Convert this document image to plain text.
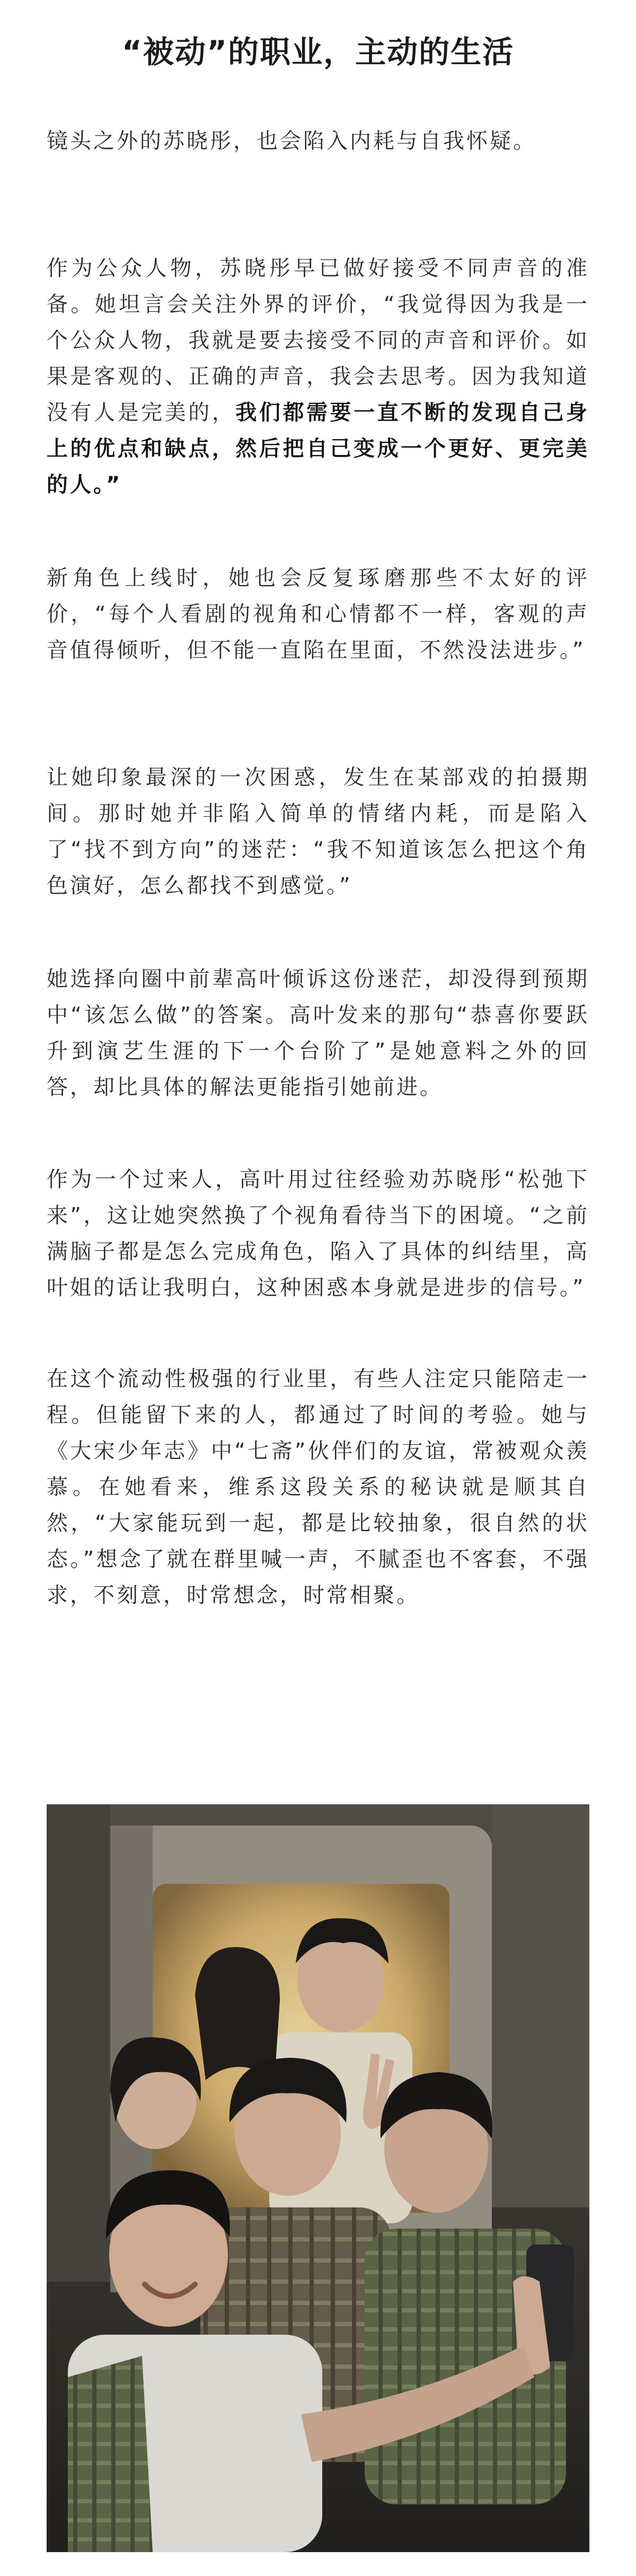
“被动”的职业，主动的生活

镜头之外的苏晓彤，也会陷入内耗与自我怀疑。

作为公众人物，苏晓彤早已做好接受不同声音的准备。她坦言会关注外界的评价，“我觉得因为我是一个公众人物，我就是要去接受不同的声音和评价。如果是客观的、正确的声音，我会去思考。因为我知道没有人是完美的，我们都需要一直不断的发现自己身上的优点和缺点，然后把自己变成一个更好、更完美的人。”

新角色上线时，她也会反复琢磨那些不太好的评价，“每个人看剧的视角和心情都不一样，客观的声音值得倾听，但不能一直陷在里面，不然没法进步。”

让她印象最深的一次困惑，发生在某部戏的拍摄期间。那时她并非陷入简单的情绪内耗，而是陷入了“找不到方向”的迷茫：“我不知道该怎么把这个角色演好，怎么都找不到感觉。”

她选择向圈中前辈高叶倾诉这份迷茫，却没得到预期中“该怎么做”的答案。高叶发来的那句“恭喜你要跃升到演艺生涯的下一个台阶了”是她意料之外的回答，却比具体的解法更能指引她前进。

作为一个过来人，高叶用过往经验劝苏晓彤“松弛下来”，这让她突然换了个视角看待当下的困境。“之前满脑子都是怎么完成角色，陷入了具体的纠结里，高叶姐的话让我明白，这种困惑本身就是进步的信号。”

在这个流动性极强的行业里，有些人注定只能陪走一程。但能留下来的人，都通过了时间的考验。她与《大宋少年志》中“七斋”伙伴们的友谊，常被观众羡慕。在她看来，维系这段关系的秘诀就是顺其自然，“大家能玩到一起，都是比较抽象，很自然的状态。”想念了就在群里喊一声，不腻歪也不客套，不强求，不刻意，时常想念，时常相聚。
